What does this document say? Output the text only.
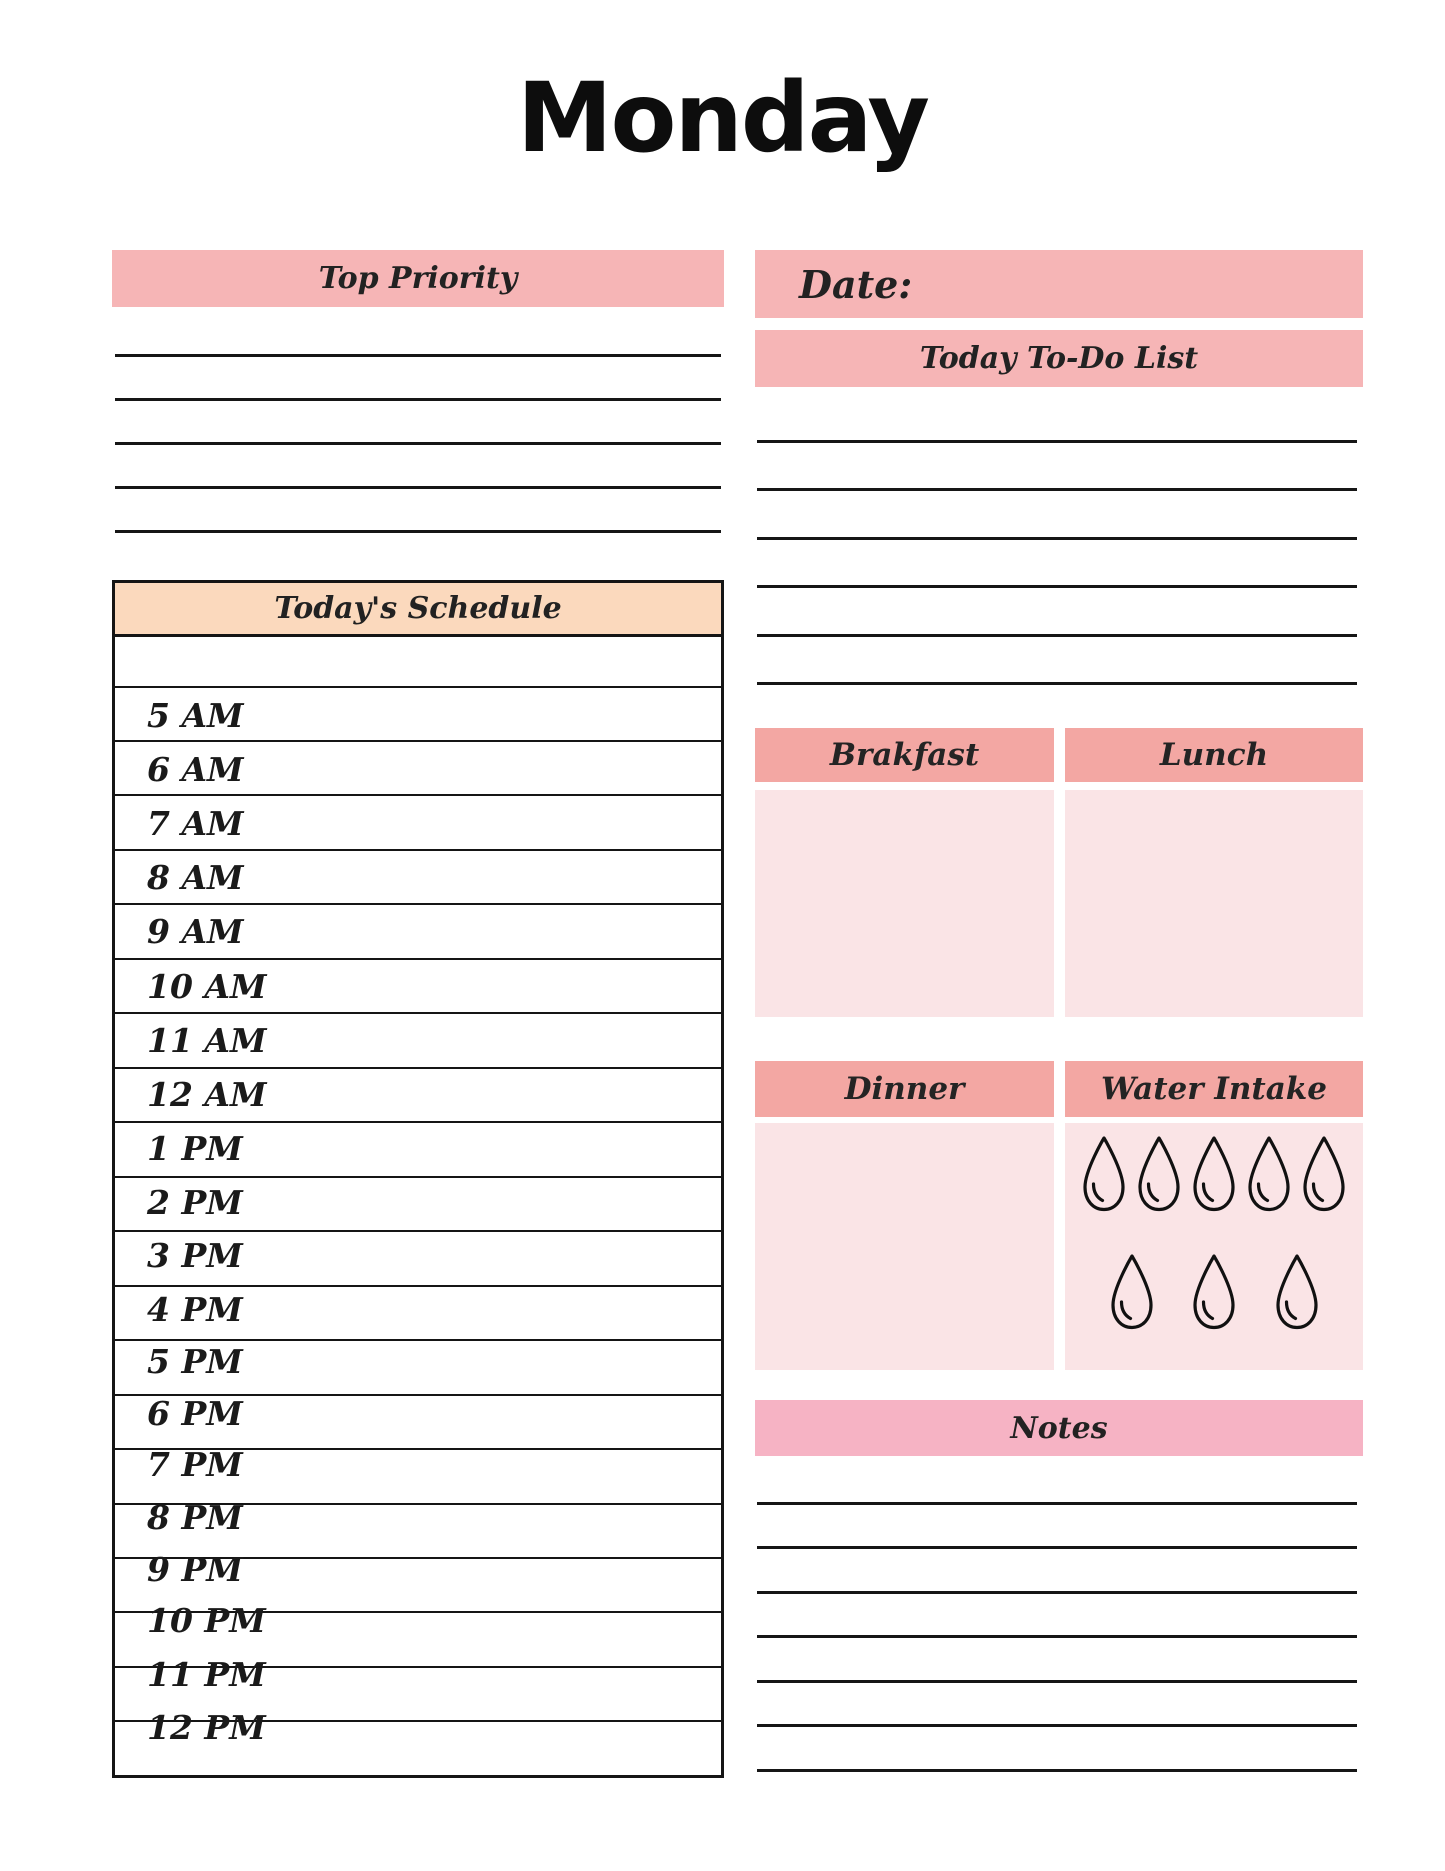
Monday
Top Priority
Today's Schedule
5 AM
6 AM
7 AM
8 AM
9 AM
10 AM
11 AM
12 AM
1 PM
2 PM
3 PM
4 PM
5 PM
6 PM
7 PM
8 PM
9 PM
10 PM
11 PM
12 PM
Date:
Today To-Do List
Brakfast	Lunch
Dinner	Water Intake
Notes
